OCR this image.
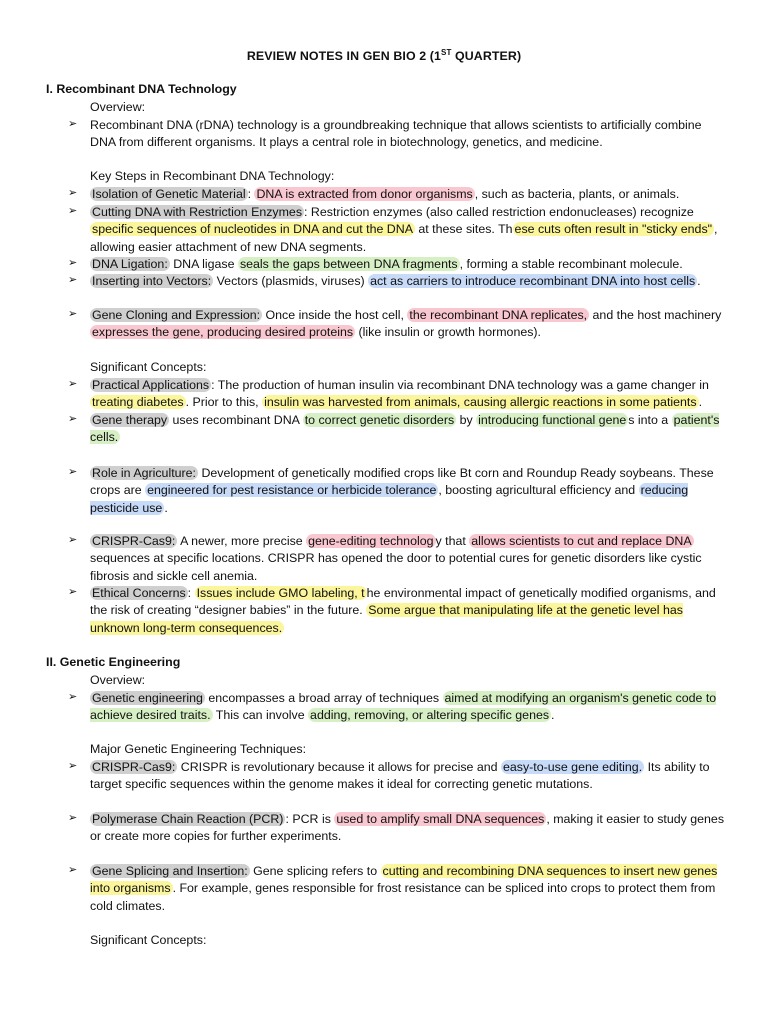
REVIEW NOTES IN GEN BIO 2 (1ST QUARTER)
I. Recombinant DNA Technology
Overview:
➢ Recombinant DNA (rDNA) technology is a groundbreaking technique that allows scientists to artificially combine DNA from different organisms. It plays a central role in biotechnology, genetics, and medicine.
Key Steps in Recombinant DNA Technology:
➢ Isolation of Genetic Material : DNA is extracted from donor organisms , such as bacteria, plants, or animals.
➢ Cutting DNA with Restriction Enzymes : Restriction enzymes (also called restriction endonucleases) recognize specific sequences of nucleotides in DNA and cut the DNA at these sites. Th ese cuts often result in "sticky ends" , allowing easier attachment of new DNA segments.
➢ DNA Ligation: DNA ligase seals the gaps between DNA fragments , forming a stable recombinant molecule.
➢ Inserting into Vectors: Vectors (plasmids, viruses) act as carriers to introduce recombinant DNA into host cells .
➢ Gene Cloning and Expression: Once inside the host cell, the recombinant DNA replicates, and the host machinery expresses the gene, producing desired proteins (like insulin or growth hormones).
Significant Concepts:
➢ Practical Applications : The production of human insulin via recombinant DNA technology was a game changer in treating diabetes . Prior to this, insulin was harvested from animals, causing allergic reactions in some patients .
➢ Gene therapy uses recombinant DNA to correct genetic disorders by introducing functional gene s into a patient's cells.
➢ Role in Agriculture: Development of genetically modified crops like Bt corn and Roundup Ready soybeans. These crops are engineered for pest resistance or herbicide tolerance , boosting agricultural efficiency and reducing pesticide use .
➢ CRISPR-Cas9: A newer, more precise gene-editing technolog y that allows scientists to cut and replace DNA sequences at specific locations. CRISPR has opened the door to potential cures for genetic disorders like cystic fibrosis and sickle cell anemia.
➢ Ethical Concerns : Issues include GMO labeling, t he environmental impact of genetically modified organisms, and the risk of creating “designer babies” in the future. Some argue that manipulating life at the genetic level has unknown long-term consequences.
II. Genetic Engineering
Overview:
➢ Genetic engineering encompasses a broad array of techniques aimed at modifying an organism's genetic code to achieve desired traits. This can involve adding, removing, or altering specific genes .
Major Genetic Engineering Techniques:
➢ CRISPR-Cas9: CRISPR is revolutionary because it allows for precise and easy-to-use gene editing. Its ability to target specific sequences within the genome makes it ideal for correcting genetic mutations.
➢ Polymerase Chain Reaction (PCR) : PCR is used to amplify small DNA sequences , making it easier to study genes or create more copies for further experiments.
➢ Gene Splicing and Insertion: Gene splicing refers to cutting and recombining DNA sequences to insert new genes into organisms . For example, genes responsible for frost resistance can be spliced into crops to protect them from cold climates.
Significant Concepts:
